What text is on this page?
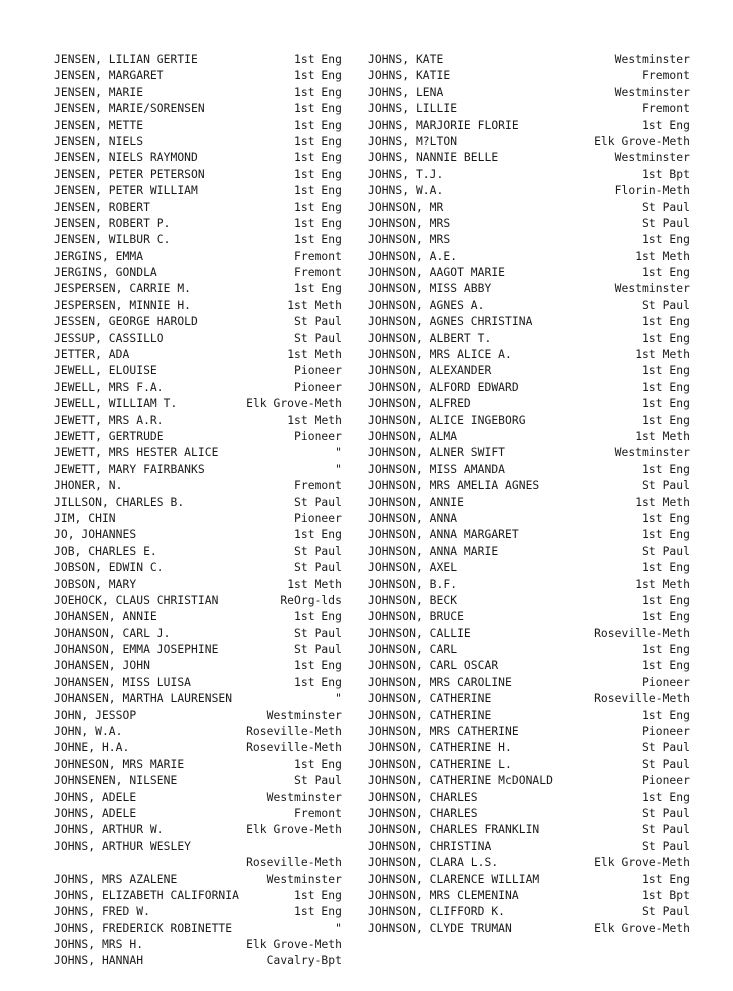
JENSEN, LILIAN GERTIE	1st Eng
JENSEN, MARGARET	1st Eng
JENSEN, MARIE	1st Eng
JENSEN, MARIE/SORENSEN	1st Eng
JENSEN, METTE	1st Eng
JENSEN, NIELS	1st Eng
JENSEN, NIELS RAYMOND	1st Eng
JENSEN, PETER PETERSON	1st Eng
JENSEN, PETER WILLIAM	1st Eng
JENSEN, ROBERT	1st Eng
JENSEN, ROBERT P.	1st Eng
JENSEN, WILBUR C.	1st Eng
JERGINS, EMMA	Fremont
JERGINS, GONDLA	Fremont
JESPERSEN, CARRIE M.	1st Eng
JESPERSEN, MINNIE H.	1st Meth
JESSEN, GEORGE HAROLD	St Paul
JESSUP, CASSILLO	St Paul
JETTER, ADA	1st Meth
JEWELL, ELOUISE	Pioneer
JEWELL, MRS F.A.	Pioneer
JEWELL, WILLIAM T.	Elk Grove-Meth
JEWETT, MRS A.R.	1st Meth
JEWETT, GERTRUDE	Pioneer
JEWETT, MRS HESTER ALICE	"
JEWETT, MARY FAIRBANKS	"
JHONER, N.	Fremont
JILLSON, CHARLES B.	St Paul
JIM, CHIN	Pioneer
JO, JOHANNES	1st Eng
JOB, CHARLES E.	St Paul
JOBSON, EDWIN C.	St Paul
JOBSON, MARY	1st Meth
JOEHOCK, CLAUS CHRISTIAN	ReOrg-lds
JOHANSEN, ANNIE	1st Eng
JOHANSON, CARL J.	St Paul
JOHANSON, EMMA JOSEPHINE	St Paul
JOHANSEN, JOHN	1st Eng
JOHANSEN, MISS LUISA	1st Eng
JOHANSEN, MARTHA LAURENSEN	"
JOHN, JESSOP	Westminster
JOHN, W.A.	Roseville-Meth
JOHNE, H.A.	Roseville-Meth
JOHNESON, MRS MARIE	1st Eng
JOHNSENEN, NILSENE	St Paul
JOHNS, ADELE	Westminster
JOHNS, ADELE	Fremont
JOHNS, ARTHUR W.	Elk Grove-Meth
JOHNS, ARTHUR WESLEY
Roseville-Meth
JOHNS, MRS AZALENE	Westminster
JOHNS, ELIZABETH CALIFORNIA	1st Eng
JOHNS, FRED W.	1st Eng
JOHNS, FREDERICK ROBINETTE	"
JOHNS, MRS H.	Elk Grove-Meth
JOHNS, HANNAH	Cavalry-Bpt
JOHNS, KATE	Westminster
JOHNS, KATIE	Fremont
JOHNS, LENA	Westminster
JOHNS, LILLIE	Fremont
JOHNS, MARJORIE FLORIE	1st Eng
JOHNS, M?LTON	Elk Grove-Meth
JOHNS, NANNIE BELLE	Westminster
JOHNS, T.J.	1st Bpt
JOHNS, W.A.	Florin-Meth
JOHNSON, MR	St Paul
JOHNSON, MRS	St Paul
JOHNSON, MRS	1st Eng
JOHNSON, A.E.	1st Meth
JOHNSON, AAGOT MARIE	1st Eng
JOHNSON, MISS ABBY	Westminster
JOHNSON, AGNES A.	St Paul
JOHNSON, AGNES CHRISTINA	1st Eng
JOHNSON, ALBERT T.	1st Eng
JOHNSON, MRS ALICE A.	1st Meth
JOHNSON, ALEXANDER	1st Eng
JOHNSON, ALFORD EDWARD	1st Eng
JOHNSON, ALFRED	1st Eng
JOHNSON, ALICE INGEBORG	1st Eng
JOHNSON, ALMA	1st Meth
JOHNSON, ALNER SWIFT	Westminster
JOHNSON, MISS AMANDA	1st Eng
JOHNSON, MRS AMELIA AGNES	St Paul
JOHNSON, ANNIE	1st Meth
JOHNSON, ANNA	1st Eng
JOHNSON, ANNA MARGARET	1st Eng
JOHNSON, ANNA MARIE	St Paul
JOHNSON, AXEL	1st Eng
JOHNSON, B.F.	1st Meth
JOHNSON, BECK	1st Eng
JOHNSON, BRUCE	1st Eng
JOHNSON, CALLIE	Roseville-Meth
JOHNSON, CARL	1st Eng
JOHNSON, CARL OSCAR	1st Eng
JOHNSON, MRS CAROLINE	Pioneer
JOHNSON, CATHERINE	Roseville-Meth
JOHNSON, CATHERINE	1st Eng
JOHNSON, MRS CATHERINE	Pioneer
JOHNSON, CATHERINE H.	St Paul
JOHNSON, CATHERINE L.	St Paul
JOHNSON, CATHERINE McDONALD	Pioneer
JOHNSON, CHARLES	1st Eng
JOHNSON, CHARLES	St Paul
JOHNSON, CHARLES FRANKLIN	St Paul
JOHNSON, CHRISTINA	St Paul
JOHNSON, CLARA L.S.	Elk Grove-Meth
JOHNSON, CLARENCE WILLIAM	1st Eng
JOHNSON, MRS CLEMENINA	1st Bpt
JOHNSON, CLIFFORD K.	St Paul
JOHNSON, CLYDE TRUMAN	Elk Grove-Meth
